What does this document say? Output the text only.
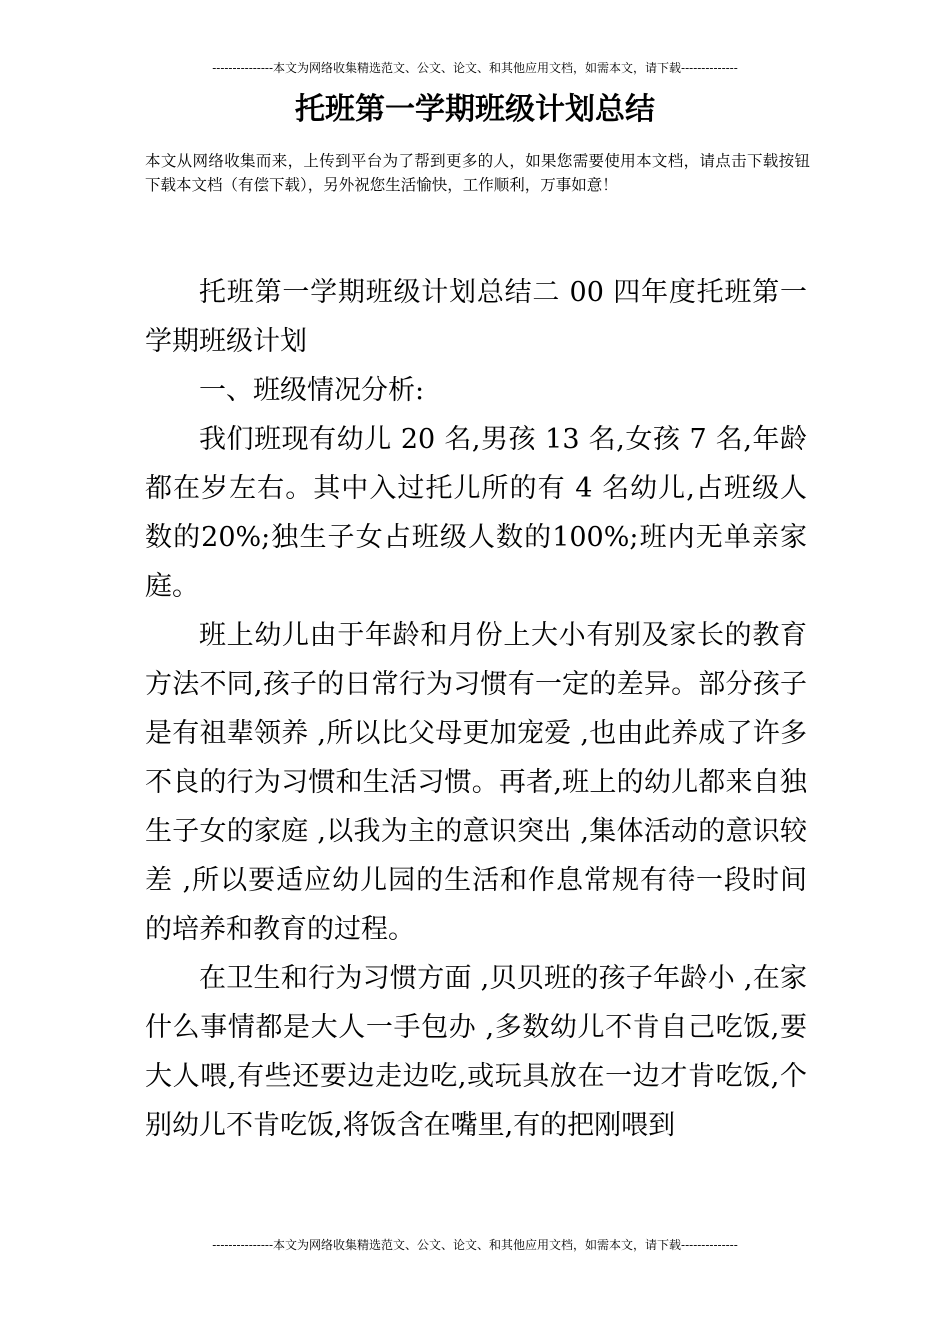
---------------本文为网络收集精选范文、公文、论文、和其他应用文档，如需本文，请下载--------------
托班第一学期班级计划总结

本文从网络收集而来，上传到平台为了帮到更多的人，如果您需要使用本文档，请点击下载按钮下载本文档（有偿下载），另外祝您生活愉快，工作顺利，万事如意！

托班第一学期班级计划总结二 00 四年度托班第一学期班级计划

一、班级情况分析:

我们班现有幼儿 20 名,男孩 13 名,女孩 7 名,年龄都在岁左右。其中入过托儿所的有 4 名幼儿,占班级人数的20%;独生子女占班级人数的100%;班内无单亲家庭。

班上幼儿由于年龄和月份上大小有别及家长的教育方法不同,孩子的日常行为习惯有一定的差异。部分孩子是有祖辈领养 ,所以比父母更加宠爱 ,也由此养成了许多不良的行为习惯和生活习惯。再者,班上的幼儿都来自独生子女的家庭 ,以我为主的意识突出 ,集体活动的意识较差 ,所以要适应幼儿园的生活和作息常规有待一段时间的培养和教育的过程。

在卫生和行为习惯方面 ,贝贝班的孩子年龄小 ,在家什么事情都是大人一手包办 ,多数幼儿不肯自己吃饭,要大人喂,有些还要边走边吃,或玩具放在一边才肯吃饭,个别幼儿不肯吃饭,将饭含在嘴里,有的把刚喂到

---------------本文为网络收集精选范文、公文、论文、和其他应用文档，如需本文，请下载--------------
